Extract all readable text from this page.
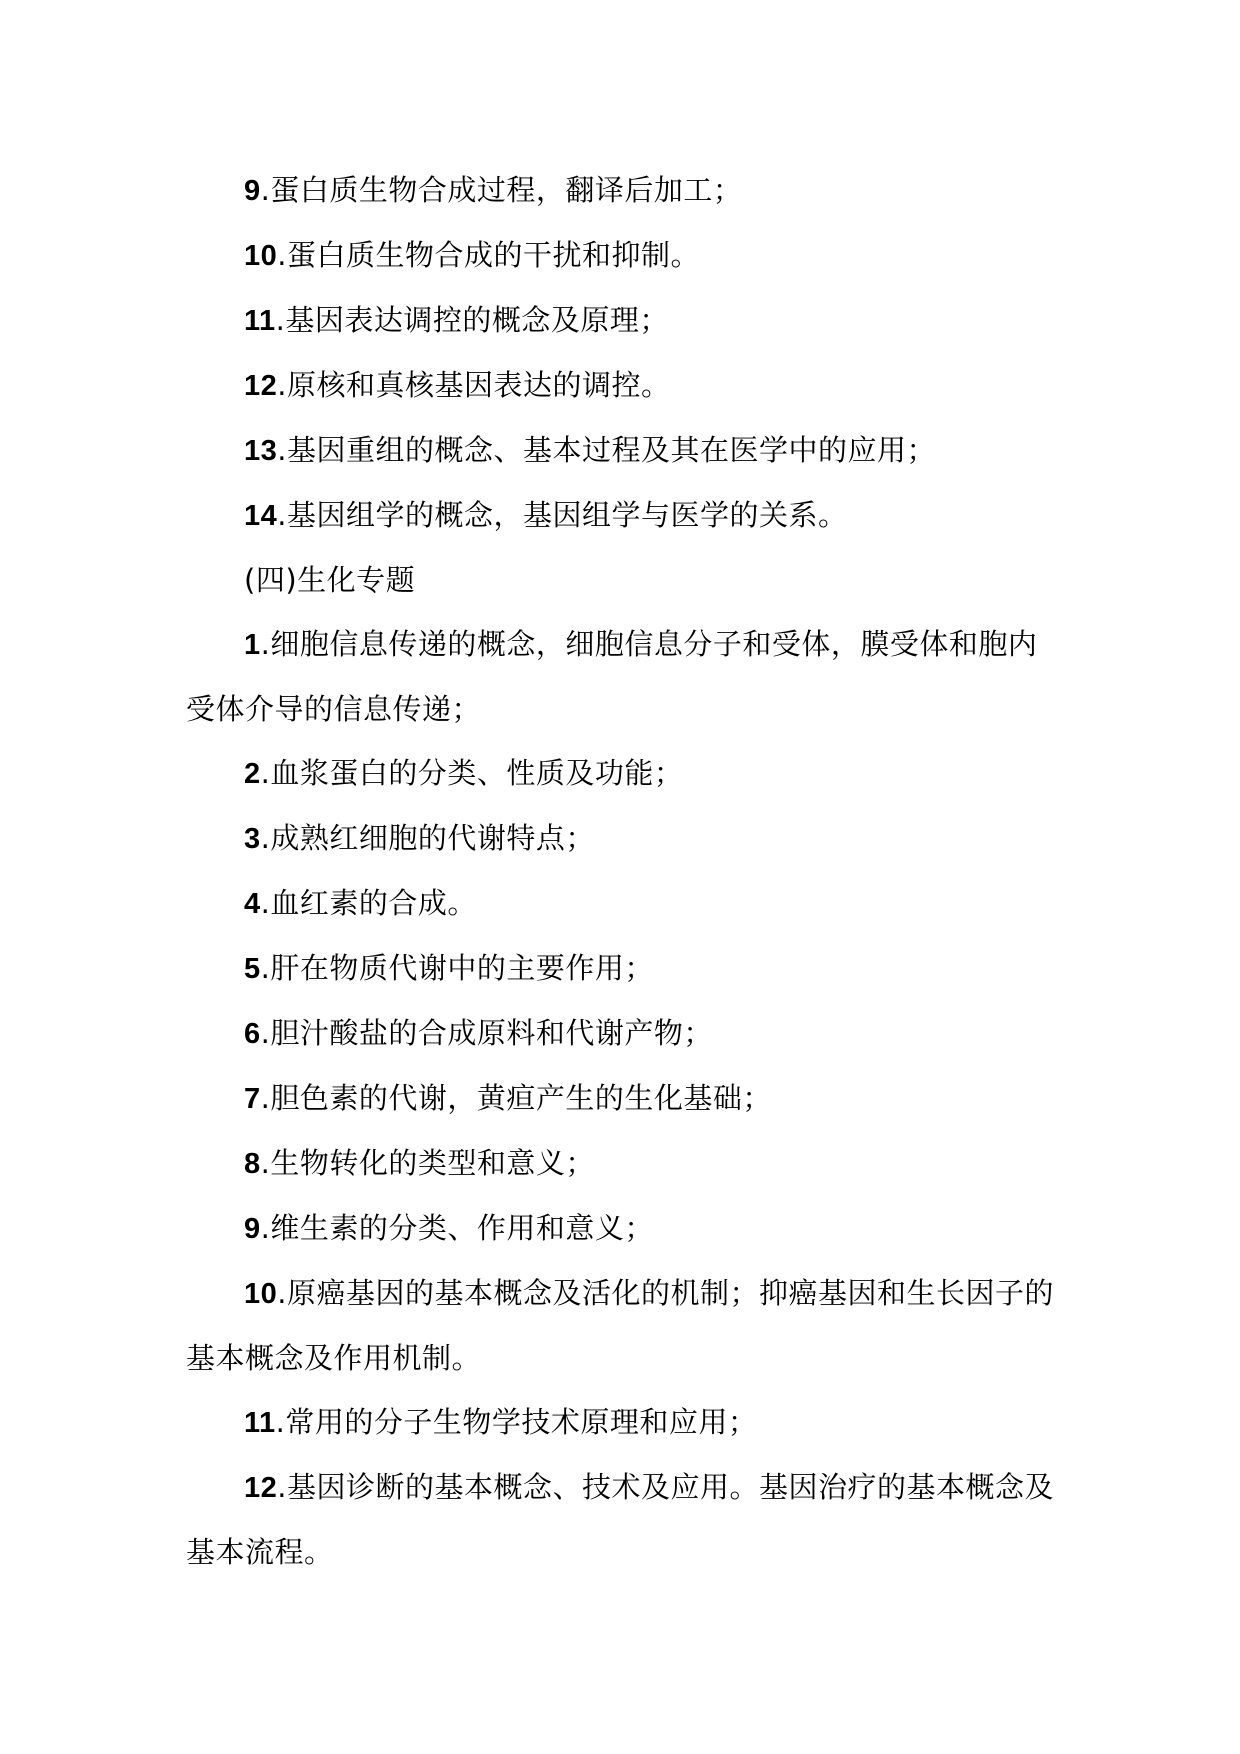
9.蛋白质生物合成过程，翻译后加工；

10.蛋白质生物合成的干扰和抑制。

11.基因表达调控的概念及原理；

12.原核和真核基因表达的调控。

13.基因重组的概念、基本过程及其在医学中的应用；

14.基因组学的概念，基因组学与医学的关系。

(四)生化专题

1.细胞信息传递的概念，细胞信息分子和受体，膜受体和胞内受体介导的信息传递；

2.血浆蛋白的分类、性质及功能；

3.成熟红细胞的代谢特点；

4.血红素的合成。

5.肝在物质代谢中的主要作用；

6.胆汁酸盐的合成原料和代谢产物；

7.胆色素的代谢，黄疸产生的生化基础；

8.生物转化的类型和意义；

9.维生素的分类、作用和意义；

10.原癌基因的基本概念及活化的机制；抑癌基因和生长因子的基本概念及作用机制。

11.常用的分子生物学技术原理和应用；

12.基因诊断的基本概念、技术及应用。基因治疗的基本概念及基本流程。
